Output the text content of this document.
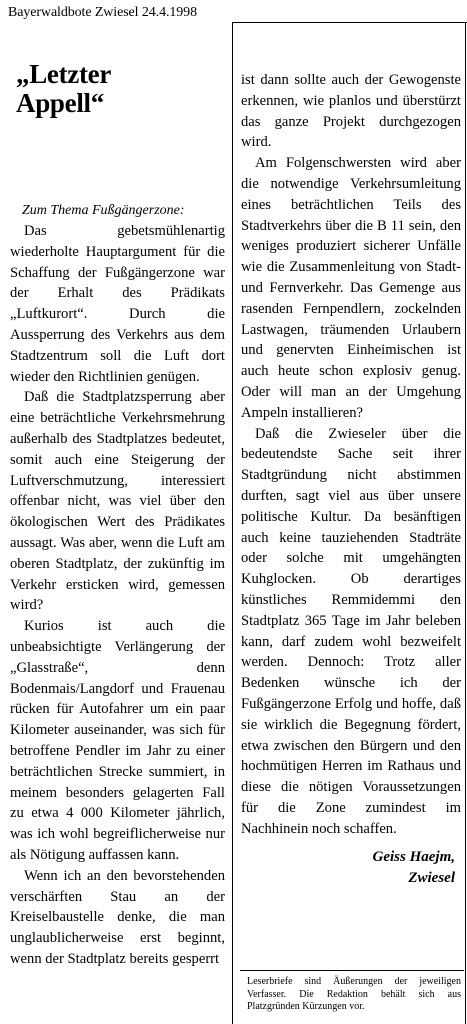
Bayerwaldbote Zwiesel 24.4.1998
„Letzter
Appell“
Zum Thema Fußgängerzone:

Das gebetsmühlenartig wiederholte Hauptargument für die Schaffung der Fußgängerzone war der Erhalt des Prädikats „Luftkurort“. Durch die Aussperrung des Verkehrs aus dem Stadtzentrum soll die Luft dort wieder den Richtlinien genügen.

Daß die Stadtplatzsperrung aber eine beträchtliche Verkehrsmehrung außerhalb des Stadtplatzes bedeutet, somit auch eine Steigerung der Luftverschmutzung, interessiert offenbar nicht, was viel über den ökologischen Wert des Prädikates aussagt. Was aber, wenn die Luft am oberen Stadtplatz, der zukünftig im Verkehr ersticken wird, gemessen wird?

Kurios ist auch die unbeabsichtigte Verlängerung der „Glasstraße“, denn Bodenmais/Langdorf und Frauenau rücken für Autofahrer um ein paar Kilometer auseinander, was sich für betroffene Pendler im Jahr zu einer beträchtlichen Strecke summiert, in meinem besonders gelagerten Fall zu etwa 4 000 Kilometer jährlich, was ich wohl begreiflicherweise nur als Nötigung auffassen kann.

Wenn ich an den bevorstehenden verschärften Stau an der Kreiselbaustelle denke, die man unglaublicherweise erst beginnt, wenn der Stadtplatz bereits gesperrt

ist dann sollte auch der Gewogenste erkennen, wie planlos und überstürzt das ganze Projekt durchgezogen wird.

Am Folgenschwersten wird aber die notwendige Verkehrsumleitung eines beträchtlichen Teils des Stadtverkehrs über die B 11 sein, den weniges produziert sicherer Unfälle wie die Zusammenleitung von Stadt- und Fernverkehr. Das Gemenge aus rasenden Fernpendlern, zockelnden Lastwagen, träumenden Urlaubern und genervten Einheimischen ist auch heute schon explosiv genug. Oder will man an der Umgehung Ampeln installieren?

Daß die Zwieseler über die bedeutendste Sache seit ihrer Stadtgründung nicht abstimmen durften, sagt viel aus über unsere politische Kultur. Da besänftigen auch keine tauziehenden Stadträte oder solche mit umgehängten Kuhglocken. Ob derartiges künstliches Remmidemmi den Stadtplatz 365 Tage im Jahr beleben kann, darf zudem wohl bezweifelt werden. Dennoch: Trotz aller Bedenken wünsche ich der Fußgängerzone Erfolg und hoffe, daß sie wirklich die Begegnung fördert, etwa zwischen den Bürgern und den hochmütigen Herren im Rathaus und diese die nötigen Voraussetzungen für die Zone zumindest im Nachhinein noch schaffen.

Geiss Haejm,
Zwiesel
Leserbriefe sind Äußerungen der jeweiligen Verfasser. Die Redaktion behält sich aus Platzgründen Kürzungen vor.
